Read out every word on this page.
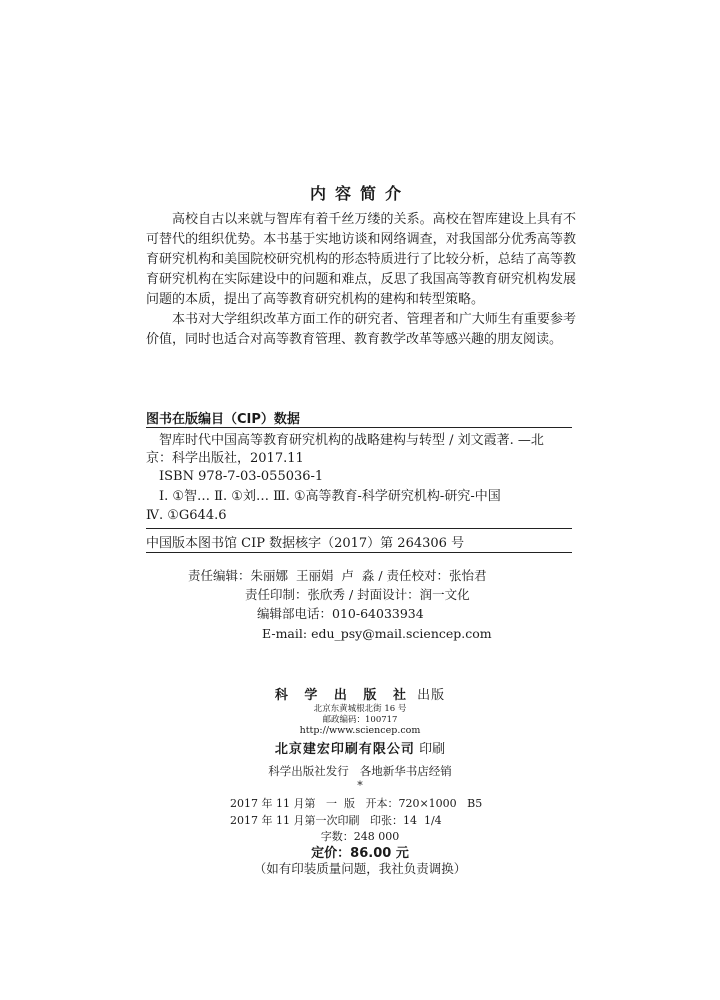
内容简介

高校自古以来就与智库有着千丝万缕的关系。高校在智库建设上具有不可替代的组织优势。本书基于实地访谈和网络调查，对我国部分优秀高等教育研究机构和美国院校研究机构的形态特质进行了比较分析，总结了高等教育研究机构在实际建设中的问题和难点，反思了我国高等教育研究机构发展问题的本质，提出了高等教育研究机构的建构和转型策略。

本书对大学组织改革方面工作的研究者、管理者和广大师生有重要参考价值，同时也适合对高等教育管理、教育教学改革等感兴趣的朋友阅读。

图书在版编目（CIP）数据
智库时代中国高等教育研究机构的战略建构与转型 / 刘文霞著. —北
京：科学出版社，2017.11
ISBN 978-7-03-055036-1
Ⅰ. ①智… Ⅱ. ①刘… Ⅲ. ①高等教育-科学研究机构-研究-中国
Ⅳ. ①G644.6
中国版本图书馆 CIP 数据核字（2017）第 264306 号
责任编辑：朱丽娜  王丽娟  卢  淼 / 责任校对：张怡君
责任印制：张欣秀 / 封面设计：润一文化
编辑部电话：010-64033934
E-mail: edu_psy@mail.sciencep.com
科 学 出 版 社 出版
北京东黄城根北街 16 号
邮政编码：100717
http://www.sciencep.com
北京建宏印刷有限公司 印刷
科学出版社发行   各地新华书店经销
*
2017 年 11 月第   一  版   开本：720×1000   B5
2017 年 11 月第一次印刷   印张：14  1/4
字数：248 000
定价：86.00 元
（如有印装质量问题，我社负责调换）
